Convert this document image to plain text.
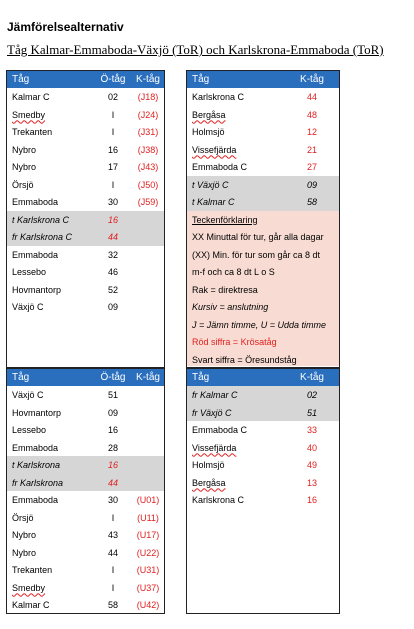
Jämförelsealternativ
Tåg Kalmar-Emmaboda-Växjö (ToR) och Karlskrona-Emmaboda (ToR)
Tåg	Ö-tåg	K-tåg
Kalmar C	02	(J18)
Smedby	I	(J24)
Trekanten	I	(J31)
Nybro	16	(J38)
Nybro	17	(J43)
Örsjö	I	(J50)
Emmaboda	30	(J59)
t Karlskrona C	16
fr Karlskrona C	44
Emmaboda	32
Lessebo	46
Hovmantorp	52
Växjö C	09
Tåg	K-tåg
Karlskrona C	44
Bergåsa	48
Holmsjö	12
Vissefjärda	21
Emmaboda C	27
t Växjö C	09
t Kalmar C	58
Teckenförklaring
XX Minuttal för tur, går alla dagar
(XX) Min. för tur som går ca 8 dt
m-f och ca 8 dt L o S
Rak = direktresa
Kursiv = anslutning
J = Jämn timme, U = Udda timme
Röd siffra = Krösatåg
Svart siffra = Öresundståg
Tåg	Ö-tåg	K-tåg
Växjö C	51
Hovmantorp	09
Lessebo	16
Emmaboda	28
t Karlskrona	16
fr Karlskrona	44
Emmaboda	30	(U01)
Örsjö	I	(U11)
Nybro	43	(U17)
Nybro	44	(U22)
Trekanten	I	(U31)
Smedby	I	(U37)
Kalmar C	58	(U42)
Tåg	K-tåg
fr Kalmar C	02
fr Växjö C	51
Emmaboda C	33
Vissefjärda	40
Holmsjö	49
Bergåsa	13
Karlskrona C	16
